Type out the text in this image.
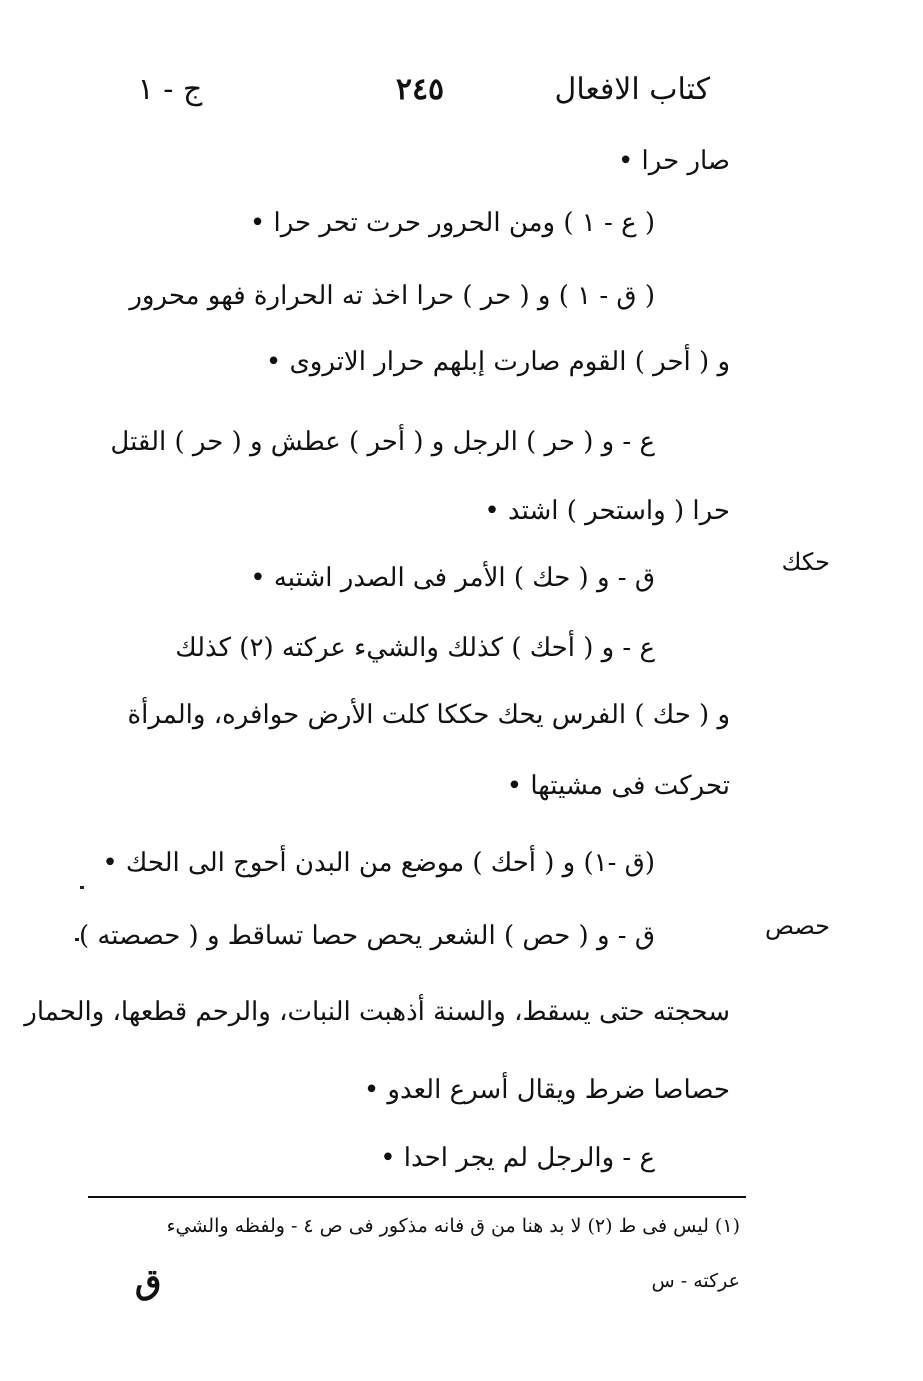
كتاب الافعال
٢٤٥
ج - ١
صار حرا •
( ع - ١ ) ومن الحرور حرت تحر حرا •
( ق - ١ ) و ( حر ) حرا اخذ ته الحرارة فهو محرور
و ( أحر ) القوم صارت إبلهم حرار الاتروى •
ع - و ( حر ) الرجل و ( أحر ) عطش و ( حر ) القتل
حرا ( واستحر ) اشتد •
حكك
ق - و ( حك ) الأمر فى الصدر اشتبه •
ع - و ( أحك ) كذلك والشيء عركته (٢) كذلك
و ( حك ) الفرس يحك حككا كلت الأرض حوافره، والمرأة
تحركت فى مشيتها •
(ق -١) و ( أحك ) موضع من البدن أحوج الى الحك •
حصص
ق - و ( حص ) الشعر يحص حصا تساقط و ( حصصته )
سحجته حتى يسقط، والسنة أذهبت النبات، والرحم قطعها، والحمار
حصاصا ضرط ويقال أسرع العدو •
ع - والرجل لم يجر احدا •
(١) ليس فى ط (٢) لا بد هنا من ق فانه مذكور فى ص ٤ - ولفظه والشيء
عركته - س
ق
